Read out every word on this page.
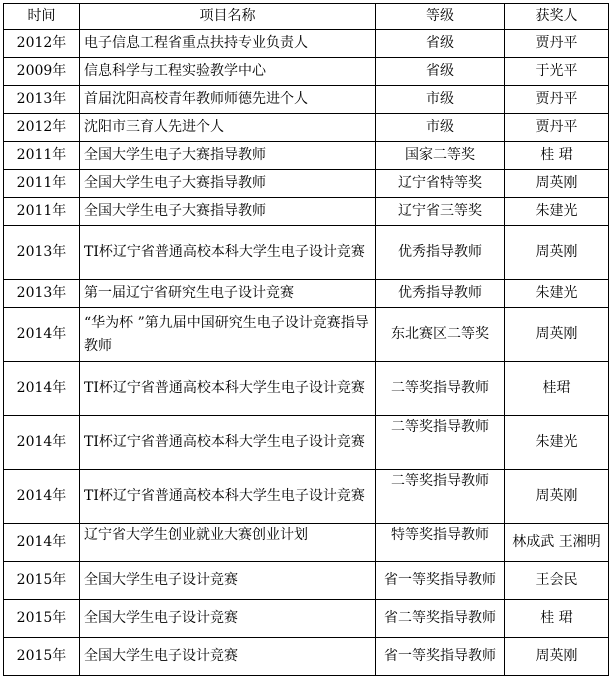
时间	项目名称	等级	获奖人
2012年	电子信息工程省重点扶持专业负责人	省级	贾丹平
2009年	信息科学与工程实验教学中心	省级	于光平
2013年	首届沈阳高校青年教师师德先进个人	市级	贾丹平
2012年	沈阳市三育人先进个人	市级	贾丹平
2011年	全国大学生电子大赛指导教师	国家二等奖	桂 珺
2011年	全国大学生电子大赛指导教师	辽宁省特等奖	周英刚
2011年	全国大学生电子大赛指导教师	辽宁省三等奖	朱建光
2013年	TI杯辽宁省普通高校本科大学生电子设计竞赛	优秀指导教师	周英刚
2013年	第一届辽宁省研究生电子设计竞赛	优秀指导教师	朱建光
2014年	“华为杯 ”第九届中国研究生电子设计竞赛指导教师	东北赛区二等奖	周英刚
2014年	TI杯辽宁省普通高校本科大学生电子设计竞赛	二等奖指导教师	桂珺
2014年	TI杯辽宁省普通高校本科大学生电子设计竞赛	二等奖指导教师	朱建光
2014年	TI杯辽宁省普通高校本科大学生电子设计竞赛	二等奖指导教师	周英刚
2014年	辽宁省大学生创业就业大赛创业计划	特等奖指导教师	林成武 王湘明
2015年	全国大学生电子设计竞赛	省一等奖指导教师	王会民
2015年	全国大学生电子设计竞赛	省二等奖指导教师	桂 珺
2015年	全国大学生电子设计竞赛	省一等奖指导教师	周英刚
